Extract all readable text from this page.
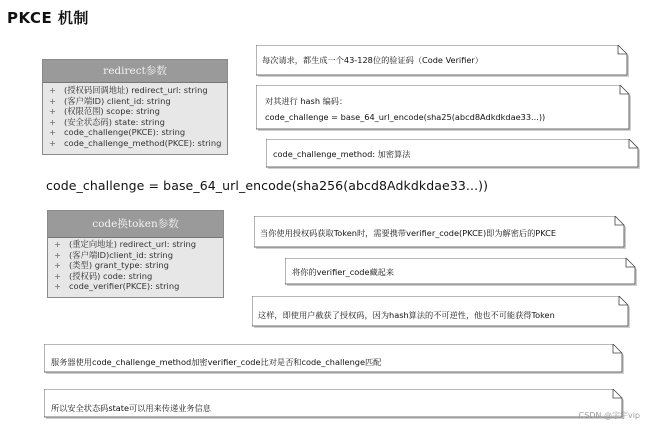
PKCE 机制
redirect参数
+ (授权码回调地址) redirect_url: string
+ (客户端ID) client_id: string
+ (权限范围) scope: string
+ (安全状态码) state: string
+ code_challenge(PKCE): string
+ code_challenge_method(PKCE): string
code换token参数
+ (重定向地址) redirect_url: string
+ (客户端ID)client_id: string
+ (类型) grant_type: string
+ (授权码) code: string
+ code_verifier(PKCE): string
code_challenge = base_64_url_encode(sha256(abcd8Adkdkdae33...))
每次请求，都生成一个43-128位的验证码（Code Verifier）
对其进行 hash 编码：
code_challenge = base_64_url_encode(sha25(abcd8Adkdkdae33...))
code_challenge_method: 加密算法
当你使用授权码获取Token时，需要携带verifier_code(PKCE)即为解密后的PKCE
将你的verifier_code藏起来
这样，即使用户截获了授权码，因为hash算法的不可逆性，他也不可能获得Token
服务器使用code_challenge_method加密verifier_code比对是否和code_challenge匹配
所以安全状态码state可以用来传递业务信息
CSDN @宇宇vip
